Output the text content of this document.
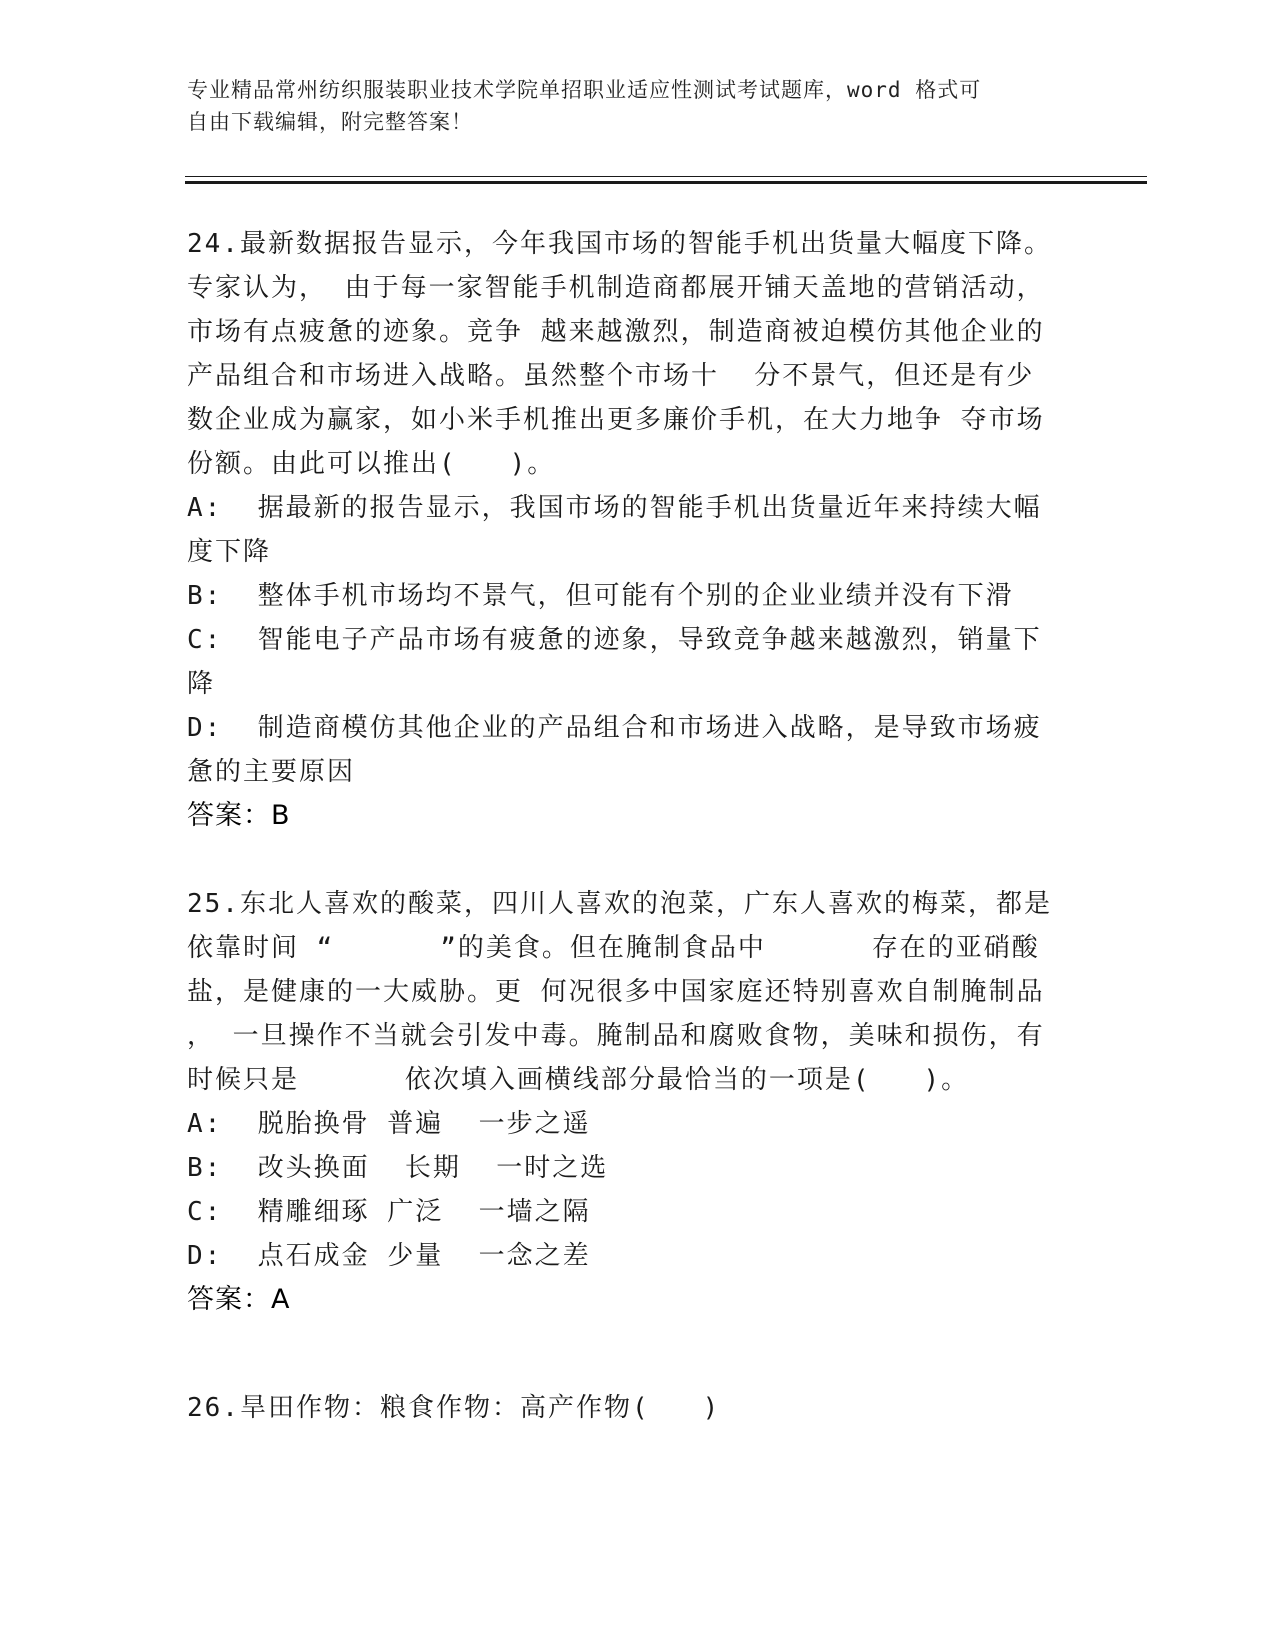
专业精品常州纺织服装职业技术学院单招职业适应性测试考试题库，word 格式可
自由下载编辑，附完整答案！
24.最新数据报告显示，今年我国市场的智能手机出货量大幅度下降。
专家认为， 由于每一家智能手机制造商都展开铺天盖地的营销活动，
市场有点疲惫的迹象。竞争 越来越激烈，制造商被迫模仿其他企业的
产品组合和市场进入战略。虽然整个市场十  分不景气，但还是有少
数企业成为赢家，如小米手机推出更多廉价手机，在大力地争 夺市场
份额。由此可以推出(   )。
A:  据最新的报告显示，我国市场的智能手机出货量近年来持续大幅
度下降
B:  整体手机市场均不景气，但可能有个别的企业业绩并没有下滑
C:  智能电子产品市场有疲惫的迹象，导致竞争越来越激烈，销量下
降
D:  制造商模仿其他企业的产品组合和市场进入战略，是导致市场疲
惫的主要原因
答案：B
25.东北人喜欢的酸菜，四川人喜欢的泡菜，广东人喜欢的梅菜，都是
依靠时间 “      ”的美食。但在腌制食品中      存在的亚硝酸
盐，是健康的一大威胁。更 何况很多中国家庭还特别喜欢自制腌制品
， 一旦操作不当就会引发中毒。腌制品和腐败食物，美味和损伤，有
时候只是      依次填入画横线部分最恰当的一项是(   )。
A:  脱胎换骨 普遍  一步之遥
B:  改头换面  长期  一时之选
C:  精雕细琢 广泛  一墙之隔
D:  点石成金 少量  一念之差
答案：A
26.旱田作物：粮食作物：高产作物(   )
